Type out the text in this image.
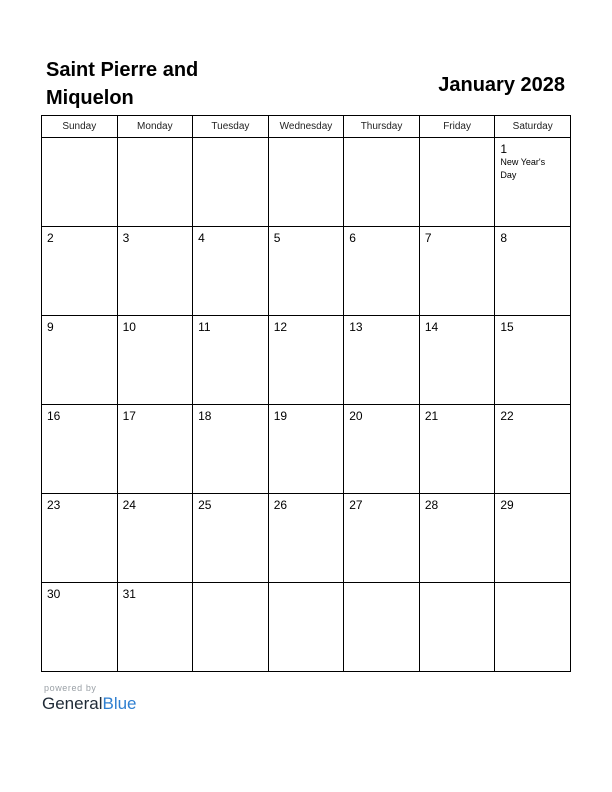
Saint Pierre and Miquelon
January 2028
Sunday	Monday	Tuesday	Wednesday	Thursday	Friday	Saturday

						1
New Year's Day

2	3	4	5	6	7	8

9	10	11	12	13	14	15

16	17	18	19	20	21	22

23	24	25	26	27	28	29

30	31					

powered by
GeneralBlue
